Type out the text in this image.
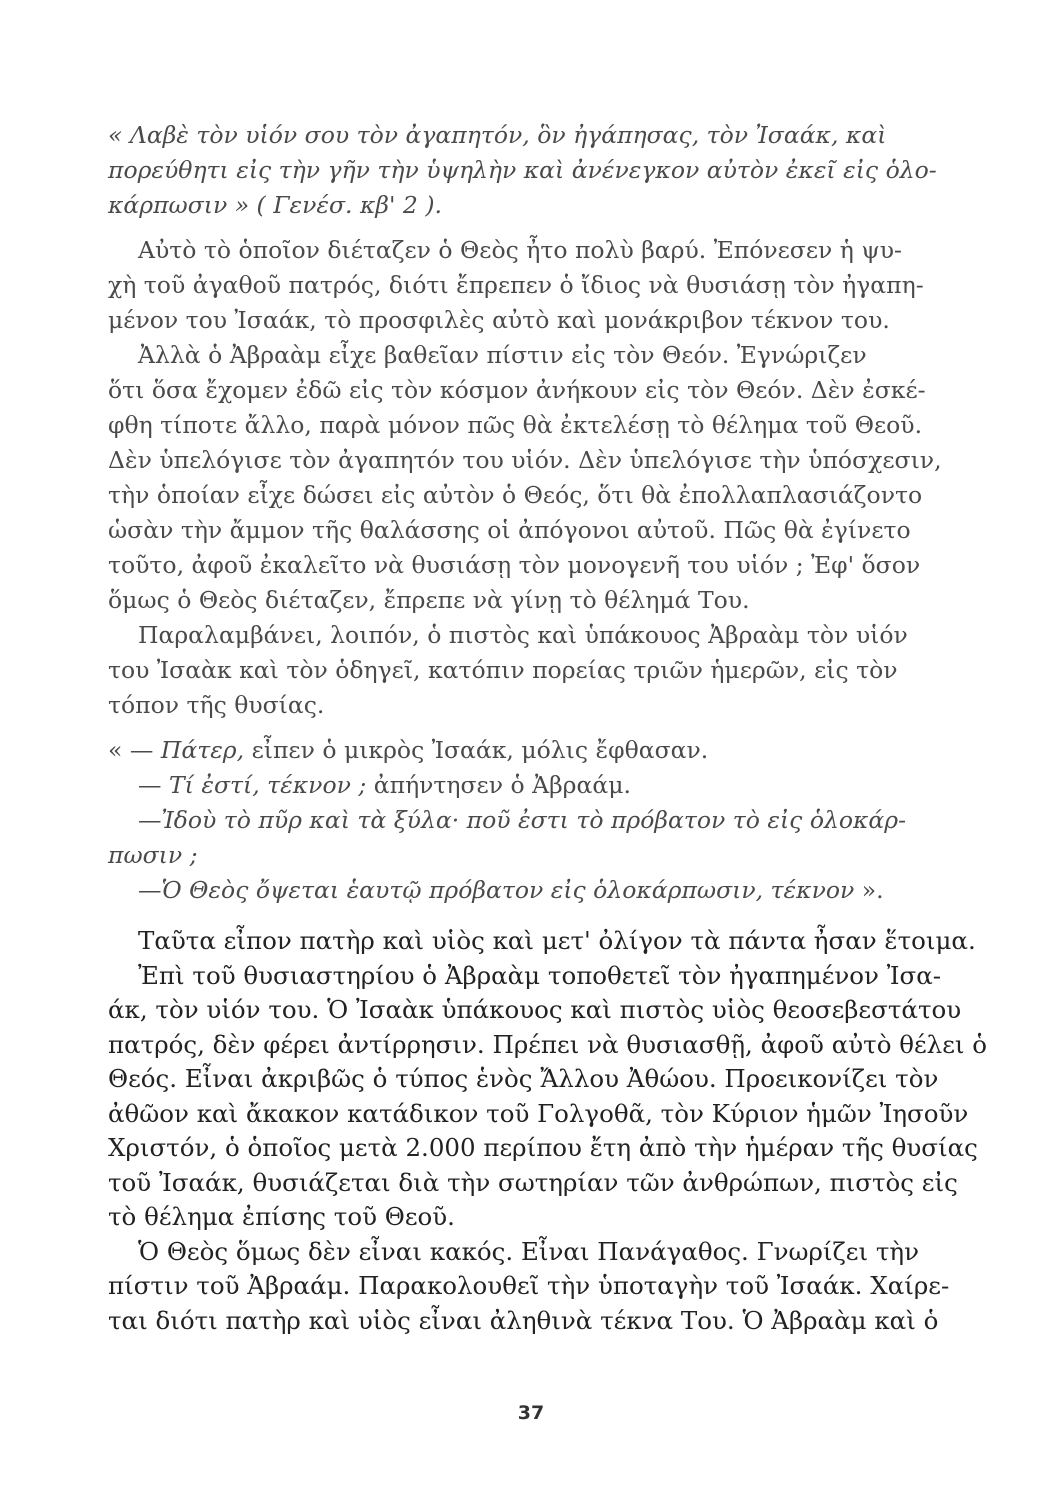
« Λαβὲ τὸν υἱόν σου τὸν ἀγαπητόν, ὃν ἠγάπησας, τὸν Ἰσαάκ, καὶ
πορεύθητι εἰς τὴν γῆν τὴν ὑψηλὴν καὶ ἀνένεγκον αὐτὸν ἐκεῖ εἰς ὁλο-
κάρπωσιν » ( Γενέσ. κβ' 2 ).
Αὐτὸ τὸ ὁποῖον διέταζεν ὁ Θεὸς ἦτο πολὺ βαρύ. Ἐπόνεσεν ἡ ψυ-
χὴ τοῦ ἀγαθοῦ πατρός, διότι ἔπρεπεν ὁ ἴδιος νὰ θυσιάσῃ τὸν ἠγαπη-
μένον του Ἰσαάκ, τὸ προσφιλὲς αὐτὸ καὶ μονάκριβον τέκνον του.
Ἀλλὰ ὁ Ἀβραὰμ εἶχε βαθεῖαν πίστιν εἰς τὸν Θεόν. Ἐγνώριζεν
ὅτι ὅσα ἔχομεν ἐδῶ εἰς τὸν κόσμον ἀνήκουν εἰς τὸν Θεόν. Δὲν ἐσκέ-
φθη τίποτε ἄλλο, παρὰ μόνον πῶς θὰ ἐκτελέσῃ τὸ θέλημα τοῦ Θεοῦ.
Δὲν ὑπελόγισε τὸν ἀγαπητόν του υἱόν. Δὲν ὑπελόγισε τὴν ὑπόσχεσιν,
τὴν ὁποίαν εἶχε δώσει εἰς αὐτὸν ὁ Θεός, ὅτι θὰ ἐπολλαπλασιάζοντο
ὡσὰν τὴν ἄμμον τῆς θαλάσσης οἱ ἀπόγονοι αὐτοῦ. Πῶς θὰ ἐγίνετο
τοῦτο, ἀφοῦ ἐκαλεῖτο νὰ θυσιάσῃ τὸν μονογενῆ του υἱόν ; Ἐφ' ὅσον
ὅμως ὁ Θεὸς διέταζεν, ἔπρεπε νὰ γίνῃ τὸ θέλημά Του.
Παραλαμβάνει, λοιπόν, ὁ πιστὸς καὶ ὑπάκουος Ἀβραὰμ τὸν υἱόν
του Ἰσαὰκ καὶ τὸν ὁδηγεῖ, κατόπιν πορείας τριῶν ἡμερῶν, εἰς τὸν
τόπον τῆς θυσίας.
« — Πάτερ, εἶπεν ὁ μικρὸς Ἰσαάκ, μόλις ἔφθασαν.
— Τί ἐστί, τέκνον ; ἀπήντησεν ὁ Ἀβραάμ.
—Ἰδοὺ τὸ πῦρ καὶ τὰ ξύλα· ποῦ ἐστι τὸ πρόβατον τὸ εἰς ὁλοκάρ-
πωσιν ;
—Ὁ Θεὸς ὄψεται ἑαυτῷ πρόβατον εἰς ὁλοκάρπωσιν, τέκνον ».
Ταῦτα εἶπον πατὴρ καὶ υἱὸς καὶ μετ' ὀλίγον τὰ πάντα ἦσαν ἕτοιμα.
Ἐπὶ τοῦ θυσιαστηρίου ὁ Ἀβραὰμ τοποθετεῖ τὸν ἠγαπημένον Ἰσα-
άκ, τὸν υἱόν του. Ὁ Ἰσαὰκ ὑπάκουος καὶ πιστὸς υἱὸς θεοσεβεστάτου
πατρός, δὲν φέρει ἀντίρρησιν. Πρέπει νὰ θυσιασθῇ, ἀφοῦ αὐτὸ θέλει ὁ
Θεός. Εἶναι ἀκριβῶς ὁ τύπος ἑνὸς Ἄλλου Ἀθώου. Προεικονίζει τὸν
ἀθῶον καὶ ἄκακον κατάδικον τοῦ Γολγοθᾶ, τὸν Κύριον ἡμῶν Ἰησοῦν
Χριστόν, ὁ ὁποῖος μετὰ 2.000 περίπου ἔτη ἀπὸ τὴν ἡμέραν τῆς θυσίας
τοῦ Ἰσαάκ, θυσιάζεται διὰ τὴν σωτηρίαν τῶν ἀνθρώπων, πιστὸς εἰς
τὸ θέλημα ἐπίσης τοῦ Θεοῦ.
Ὁ Θεὸς ὅμως δὲν εἶναι κακός. Εἶναι Πανάγαθος. Γνωρίζει τὴν
πίστιν τοῦ Ἀβραάμ. Παρακολουθεῖ τὴν ὑποταγὴν τοῦ Ἰσαάκ. Χαίρε-
ται διότι πατὴρ καὶ υἱὸς εἶναι ἀληθινὰ τέκνα Του. Ὁ Ἀβραὰμ καὶ ὁ
37
